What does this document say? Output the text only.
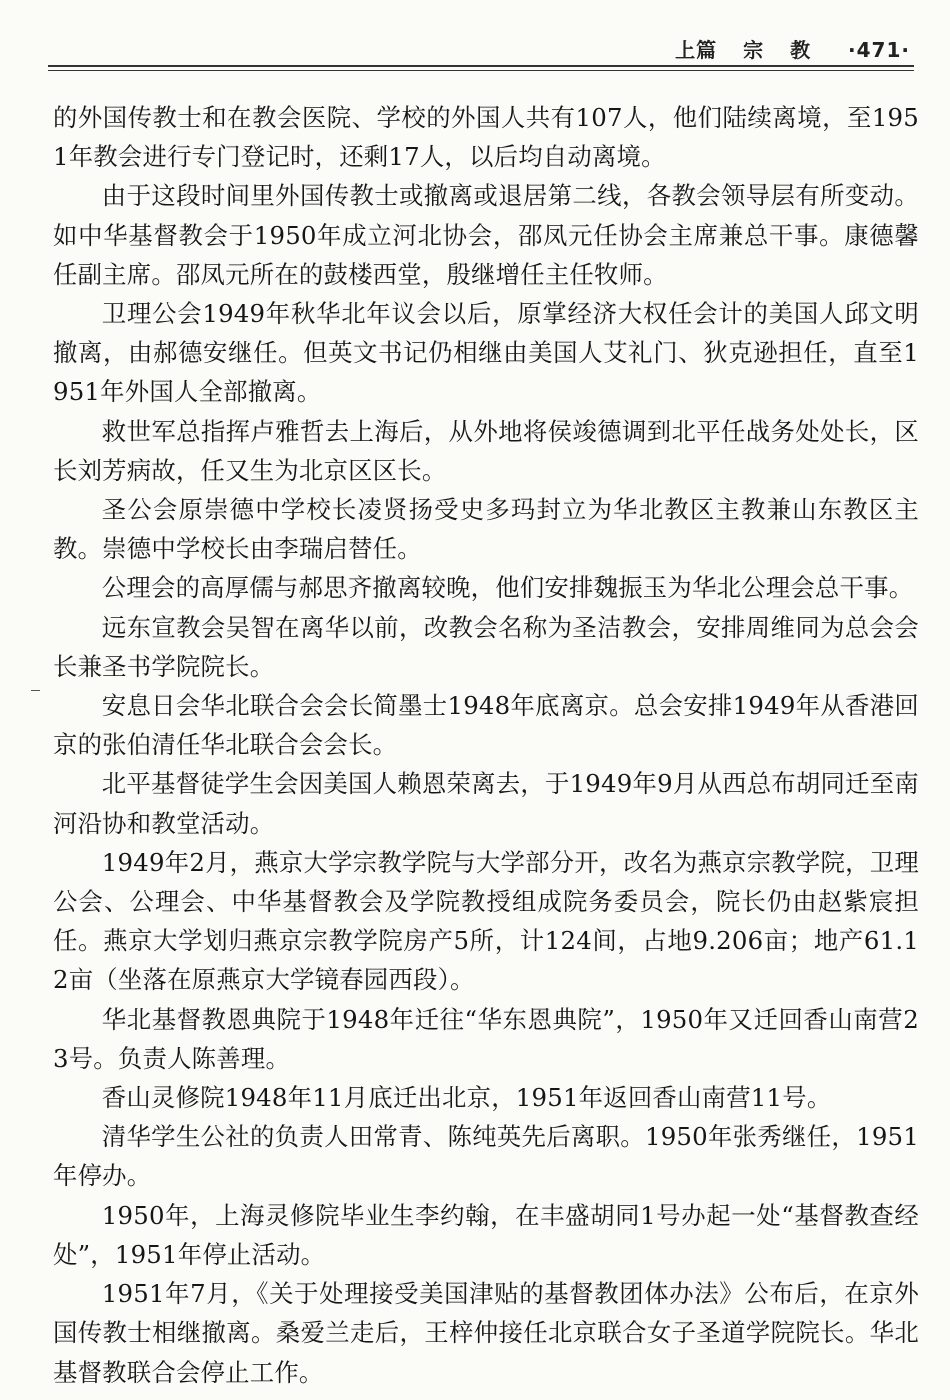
上篇 宗 教 ·471·

的外国传教士和在教会医院、学校的外国人共有107人，他们陆续离境，至1951年教会进行专门登记时，还剩17人，以后均自动离境。

由于这段时间里外国传教士或撤离或退居第二线，各教会领导层有所变动。如中华基督教会于1950年成立河北协会，邵凤元任协会主席兼总干事。康德馨任副主席。邵凤元所在的鼓楼西堂，殷继增任主任牧师。

卫理公会1949年秋华北年议会以后，原掌经济大权任会计的美国人邱文明撤离，由郝德安继任。但英文书记仍相继由美国人艾礼门、狄克逊担任，直至1951年外国人全部撤离。

救世军总指挥卢雅哲去上海后，从外地将侯竣德调到北平任战务处处长，区长刘芳病故，任又生为北京区区长。

圣公会原崇德中学校长凌贤扬受史多玛封立为华北教区主教兼山东教区主教。崇德中学校长由李瑞启替任。

公理会的高厚儒与郝思齐撤离较晚，他们安排魏振玉为华北公理会总干事。

远东宣教会吴智在离华以前，改教会名称为圣洁教会，安排周维同为总会会长兼圣书学院院长。

安息日会华北联合会会长简墨士1948年底离京。总会安排1949年从香港回京的张伯清任华北联合会会长。

北平基督徒学生会因美国人赖恩荣离去，于1949年9月从西总布胡同迁至南河沿协和教堂活动。

1949年2月，燕京大学宗教学院与大学部分开，改名为燕京宗教学院，卫理公会、公理会、中华基督教会及学院教授组成院务委员会，院长仍由赵紫宸担任。燕京大学划归燕京宗教学院房产5所，计124间，占地9.206亩；地产61.12亩（坐落在原燕京大学镜春园西段）。

华北基督教恩典院于1948年迁往“华东恩典院”，1950年又迁回香山南营23号。负责人陈善理。

香山灵修院1948年11月底迁出北京，1951年返回香山南营11号。

清华学生公社的负责人田常青、陈纯英先后离职。1950年张秀继任，1951年停办。

1950年，上海灵修院毕业生李约翰，在丰盛胡同1号办起一处“基督教查经处”，1951年停止活动。

1951年7月，《关于处理接受美国津贴的基督教团体办法》公布后，在京外国传教士相继撤离。桑爱兰走后，王梓仲接任北京联合女子圣道学院院长。华北基督教联合会停止工作。
